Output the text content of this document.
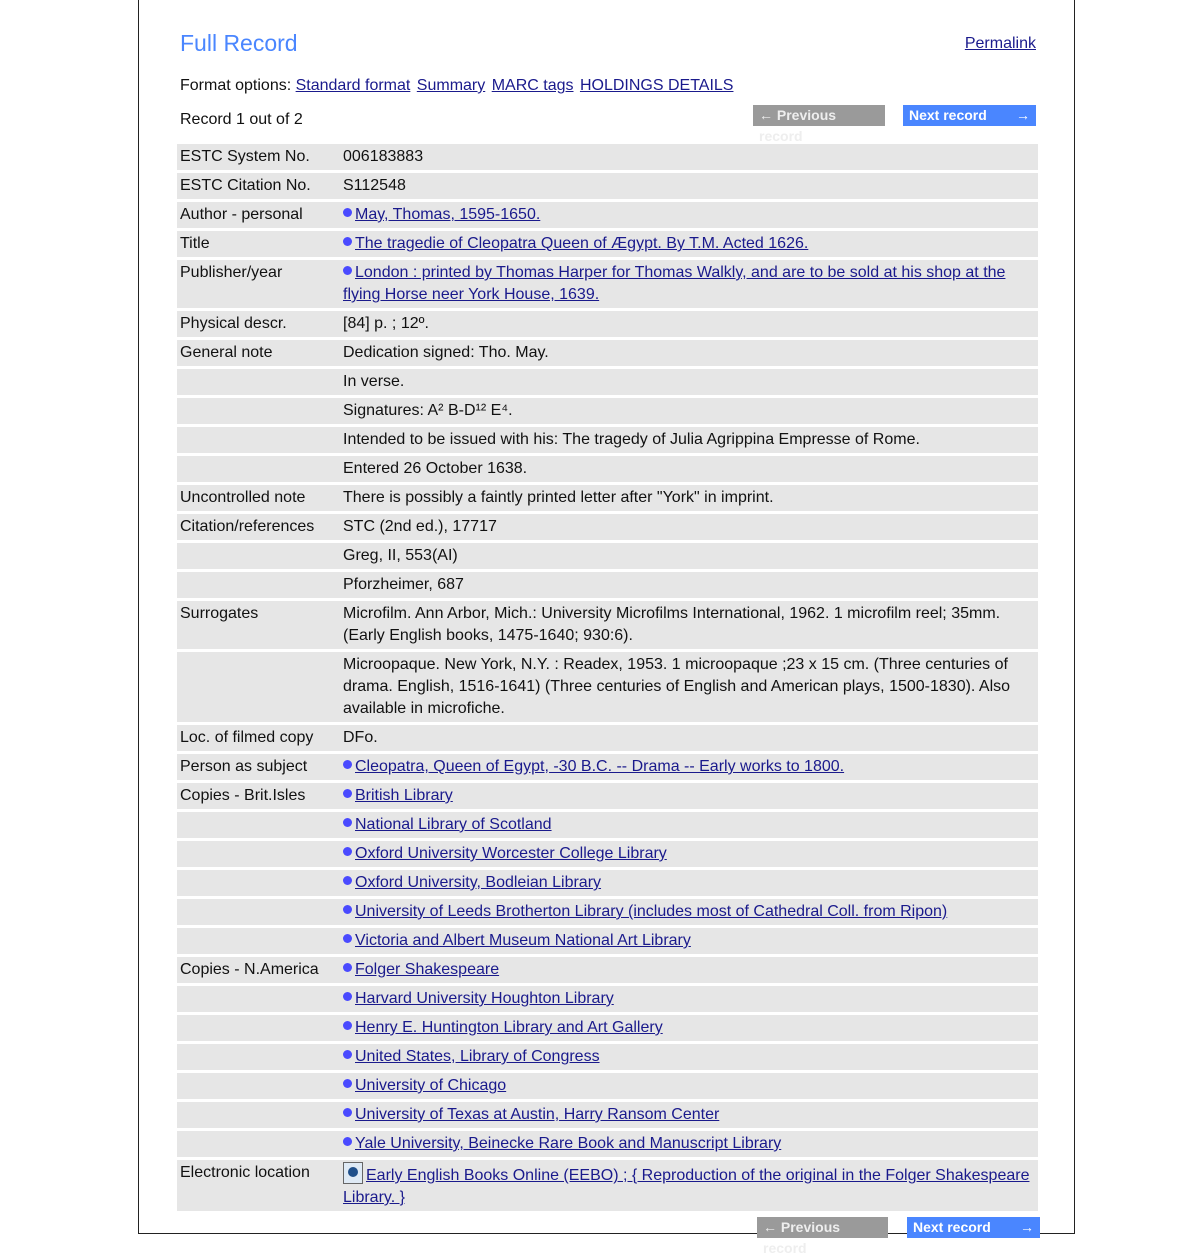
Full Record	Permalink
Format options: Standard format Summary MARC tags HOLDINGS DETAILS
Record 1 out of 2	← Previous record
Next record →
ESTC System No.	006183883
ESTC Citation No.	S112548
Author - personal	May, Thomas, 1595-1650.
Title	The tragedie of Cleopatra Queen of Ægypt. By T.M. Acted 1626.
Publisher/year	London : printed by Thomas Harper for Thomas Walkly, and are to be sold at his shop at the flying Horse neer York House, 1639.
Physical descr.	[84] p. ; 12º.
General note	Dedication signed: Tho. May.
	In verse.
	Signatures: A² B-D¹² E⁴.
	Intended to be issued with his: The tragedy of Julia Agrippina Empresse of Rome.
	Entered 26 October 1638.
Uncontrolled note	There is possibly a faintly printed letter after "York" in imprint.
Citation/references	STC (2nd ed.), 17717
	Greg, II, 553(AI)
	Pforzheimer, 687
Surrogates	Microfilm. Ann Arbor, Mich.: University Microfilms International, 1962. 1 microfilm reel; 35mm. (Early English books, 1475-1640; 930:6).
	Microopaque. New York, N.Y. : Readex, 1953. 1 microopaque ;23 x 15 cm. (Three centuries of drama. English, 1516-1641) (Three centuries of English and American plays, 1500-1830). Also available in microfiche.
Loc. of filmed copy	DFo.
Person as subject	Cleopatra, Queen of Egypt, -30 B.C. -- Drama -- Early works to 1800.
Copies - Brit.Isles	British Library
	National Library of Scotland
	Oxford University Worcester College Library
	Oxford University, Bodleian Library
	University of Leeds Brotherton Library (includes most of Cathedral Coll. from Ripon)
	Victoria and Albert Museum National Art Library
Copies - N.America	Folger Shakespeare
	Harvard University Houghton Library
	Henry E. Huntington Library and Art Gallery
	United States, Library of Congress
	University of Chicago
	University of Texas at Austin, Harry Ransom Center
	Yale University, Beinecke Rare Book and Manuscript Library
Electronic location	Early English Books Online (EEBO) ; { Reproduction of the original in the Folger Shakespeare Library. }
← Previous record
Next record →
